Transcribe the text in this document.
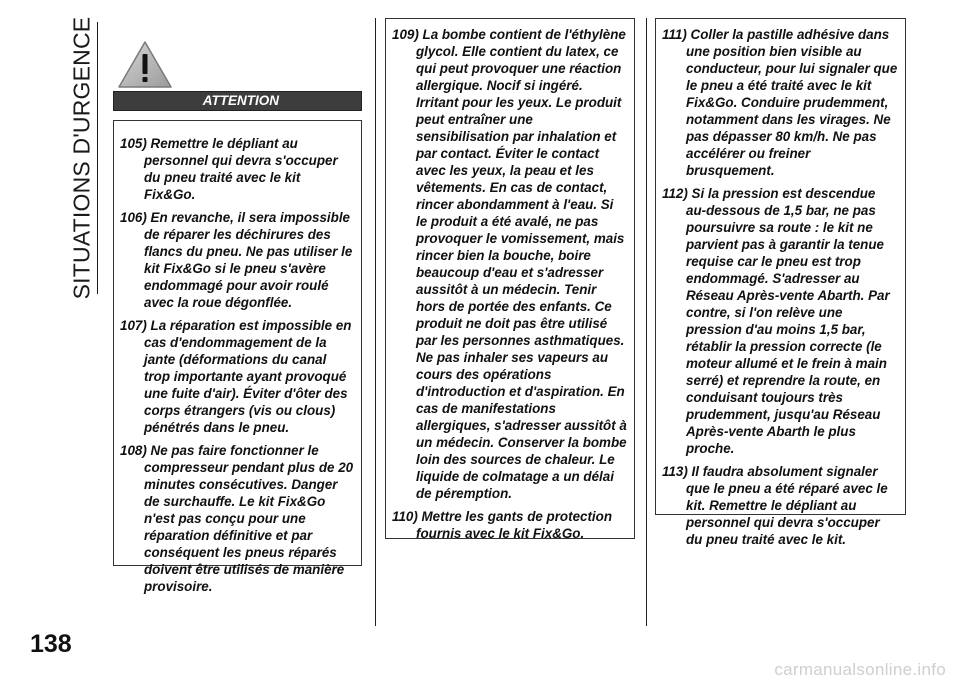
SITUATIONS D'URGENCE	ATTENTION

105) Remettre le dépliant au personnel qui devra s'occuper du pneu traité avec le kit Fix&Go.

106) En revanche, il sera impossible de réparer les déchirures des flancs du pneu. Ne pas utiliser le kit Fix&Go si le pneu s'avère endommagé pour avoir roulé avec la roue dégonflée.

107) La réparation est impossible en cas d'endommagement de la jante (déformations du canal trop importante ayant provoqué une fuite d'air). Éviter d'ôter des corps étrangers (vis ou clous) pénétrés dans le pneu.

108) Ne pas faire fonctionner le compresseur pendant plus de 20 minutes consécutives. Danger de surchauffe. Le kit Fix&Go n'est pas conçu pour une réparation définitive et par conséquent les pneus réparés doivent être utilisés de manière provisoire.

109) La bombe contient de l'éthylène glycol. Elle contient du latex, ce qui peut provoquer une réaction allergique. Nocif si ingéré. Irritant pour les yeux. Le produit peut entraîner une sensibilisation par inhalation et par contact. Éviter le contact avec les yeux, la peau et les vêtements. En cas de contact, rincer abondamment à l'eau. Si le produit a été avalé, ne pas provoquer le vomissement, mais rincer bien la bouche, boire beaucoup d'eau et s'adresser aussitôt à un médecin. Tenir hors de portée des enfants. Ce produit ne doit pas être utilisé par les personnes asthmatiques. Ne pas inhaler ses vapeurs au cours des opérations d'introduction et d'aspiration. En cas de manifestations allergiques, s'adresser aussitôt à un médecin. Conserver la bombe loin des sources de chaleur. Le liquide de colmatage a un délai de péremption.

110) Mettre les gants de protection fournis avec le kit Fix&Go.

111) Coller la pastille adhésive dans une position bien visible au conducteur, pour lui signaler que le pneu a été traité avec le kit Fix&Go. Conduire prudemment, notamment dans les virages. Ne pas dépasser 80 km/h. Ne pas accélérer ou freiner brusquement.

112) Si la pression est descendue au-dessous de 1,5 bar, ne pas poursuivre sa route : le kit ne parvient pas à garantir la tenue requise car le pneu est trop endommagé. S'adresser au Réseau Après-vente Abarth. Par contre, si l'on relève une pression d'au moins 1,5 bar, rétablir la pression correcte (le moteur allumé et le frein à main serré) et reprendre la route, en conduisant toujours très prudemment, jusqu'au Réseau Après-vente Abarth le plus proche.

113) Il faudra absolument signaler que le pneu a été réparé avec le kit. Remettre le dépliant au personnel qui devra s'occuper du pneu traité avec le kit.

138
carmanualsonline.info
